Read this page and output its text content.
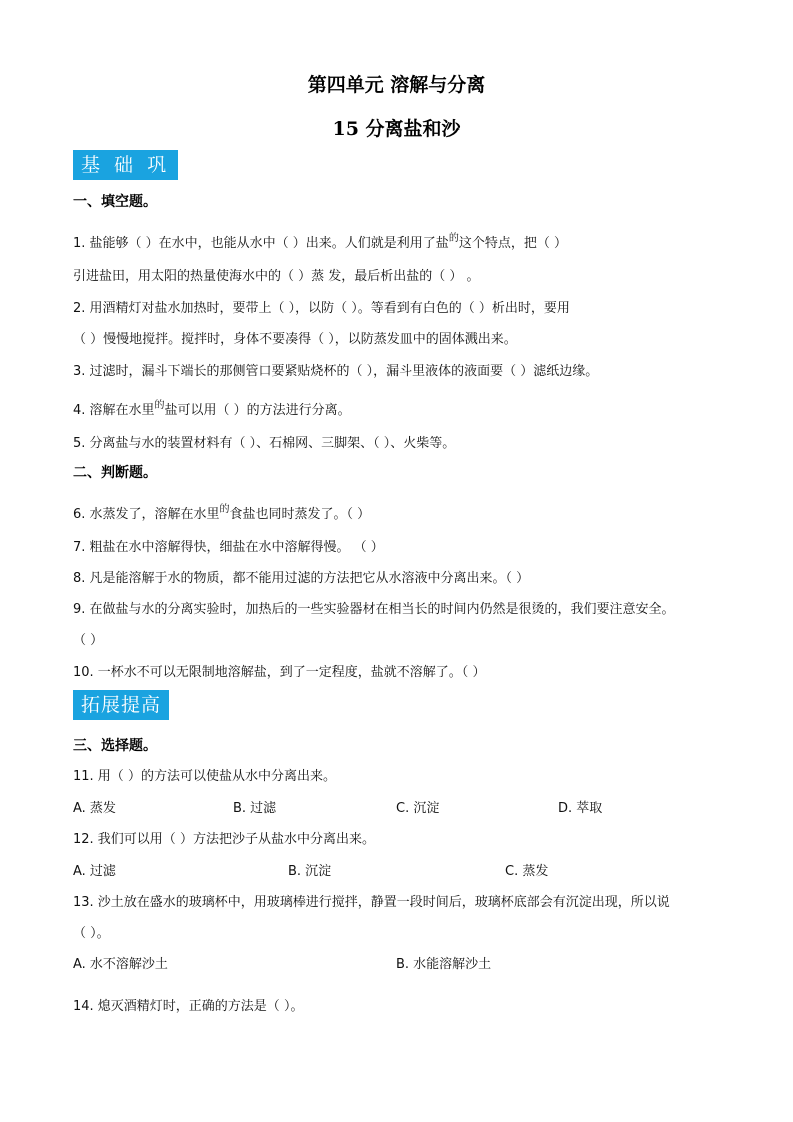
第四单元 溶解与分离
15 分离盐和沙
基 础 巩
一、填空题。
1. 盐能够（ ）在水中，也能从水中（ ）出来。人们就是利用了盐$^的$这个特点，把（ ）
引进盐田，用太阳的热量使海水中的（ ）蒸 发，最后析出盐的（ ） 。
2. 用酒精灯对盐水加热时，要带上（ ），以防（ ）。等看到有白色的（ ）析出时，要用
（ ）慢慢地搅拌。搅拌时，身体不要凑得（ ），以防蒸发皿中的固体溅出来。
3. 过滤时，漏斗下端长的那侧管口要紧贴烧杯的（ ），漏斗里液体的液面要（ ）滤纸边缘。
4. 溶解在水里$^的$盐可以用（ ）的方法进行分离。
5. 分离盐与水的装置材料有（ ）、石棉网、三脚架、（ ）、火柴等。
二、判断题。
6. 水蒸发了，溶解在水里$^的$食盐也同时蒸发了。（ ）
7. 粗盐在水中溶解得快，细盐在水中溶解得慢。 （ ）
8. 凡是能溶解于水的物质，都不能用过滤的方法把它从水溶液中分离出来。（ ）
9. 在做盐与水的分离实验时，加热后的一些实验器材在相当长的时间内仍然是很烫的，我们要注意安全。
（ ）
10. 一杯水不可以无限制地溶解盐，到了一定程度，盐就不溶解了。（ ）
拓展提高
三、选择题。
11. 用（ ）的方法可以使盐从水中分离出来。
A. 蒸发	B. 过滤	C. 沉淀	D. 萃取
12. 我们可以用（ ）方法把沙子从盐水中分离出来。
A. 过滤	B. 沉淀	C. 蒸发
13. 沙土放在盛水的玻璃杯中，用玻璃棒进行搅拌，静置一段时间后，玻璃杯底部会有沉淀出现，所以说
（ ）。
A. 水不溶解沙土	B. 水能溶解沙土
14. 熄灭酒精灯时，正确的方法是（ ）。
